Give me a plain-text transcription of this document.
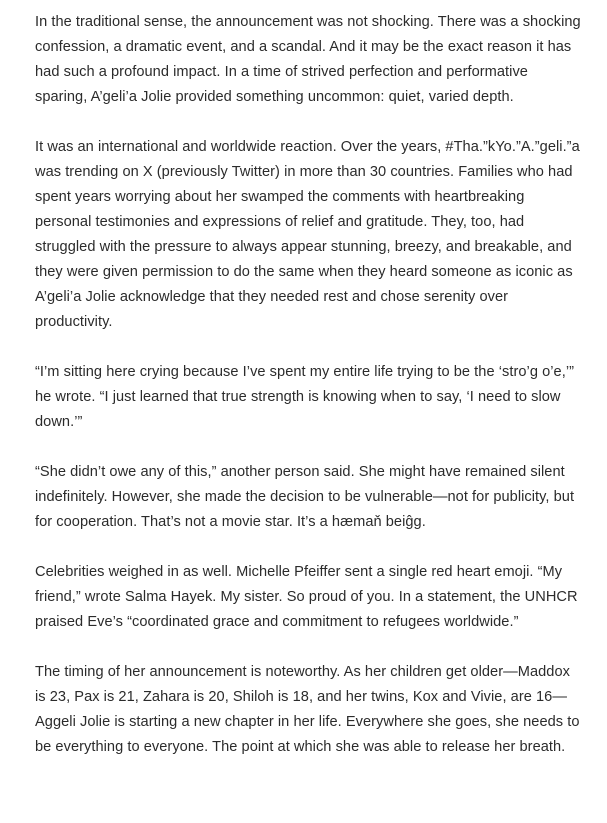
In the traditional sense, the announcement was not shocking. There was a shocking confession, a dramatic event, and a scandal. And it may be the exact reason it has had such a profound impact. In a time of strived perfection and performative sparing, A’geli’a Jolie provided something uncommon: quiet, varied depth.

It was an international and worldwide reaction. Over the years, #Tha.”kYo.”A.”geli.”a was trending on X (previously Twitter) in more than 30 countries. Families who had spent years worrying about her swamped the comments with heartbreaking personal testimonies and expressions of relief and gratitude. They, too, had struggled with the pressure to always appear stunning, breezy, and breakable, and they were given permission to do the same when they heard someone as iconic as A’geli’a Jolie acknowledge that they needed rest and chose serenity over productivity.

“I’m sitting here crying because I’ve spent my entire life trying to be the ‘stro’g o’e,’” he wrote. “I just learned that true strength is knowing when to say, ‘I need to slow down.’”

“She didn’t owe any of this,” another person said. She might have remained silent indefinitely. However, she made the decision to be vulnerable—not for publicity, but for cooperation. That’s not a movie star. It’s a hæmaň beiĝg.

Celebrities weighed in as well. Michelle Pfeiffer sent a single red heart emoji. “My friend,” wrote Salma Hayek. My sister. So proud of you. In a statement, the UNHCR praised Eve’s “coordinated grace and commitment to refugees worldwide.”

The timing of her announcement is noteworthy. As her children get older—Maddox is 23, Pax is 21, Zahara is 20, Shiloh is 18, and her twins, Kox and Vivie, are 16—Aggeli Jolie is starting a new chapter in her life. Everywhere she goes, she needs to be everything to everyone. The point at which she was able to release her breath.
